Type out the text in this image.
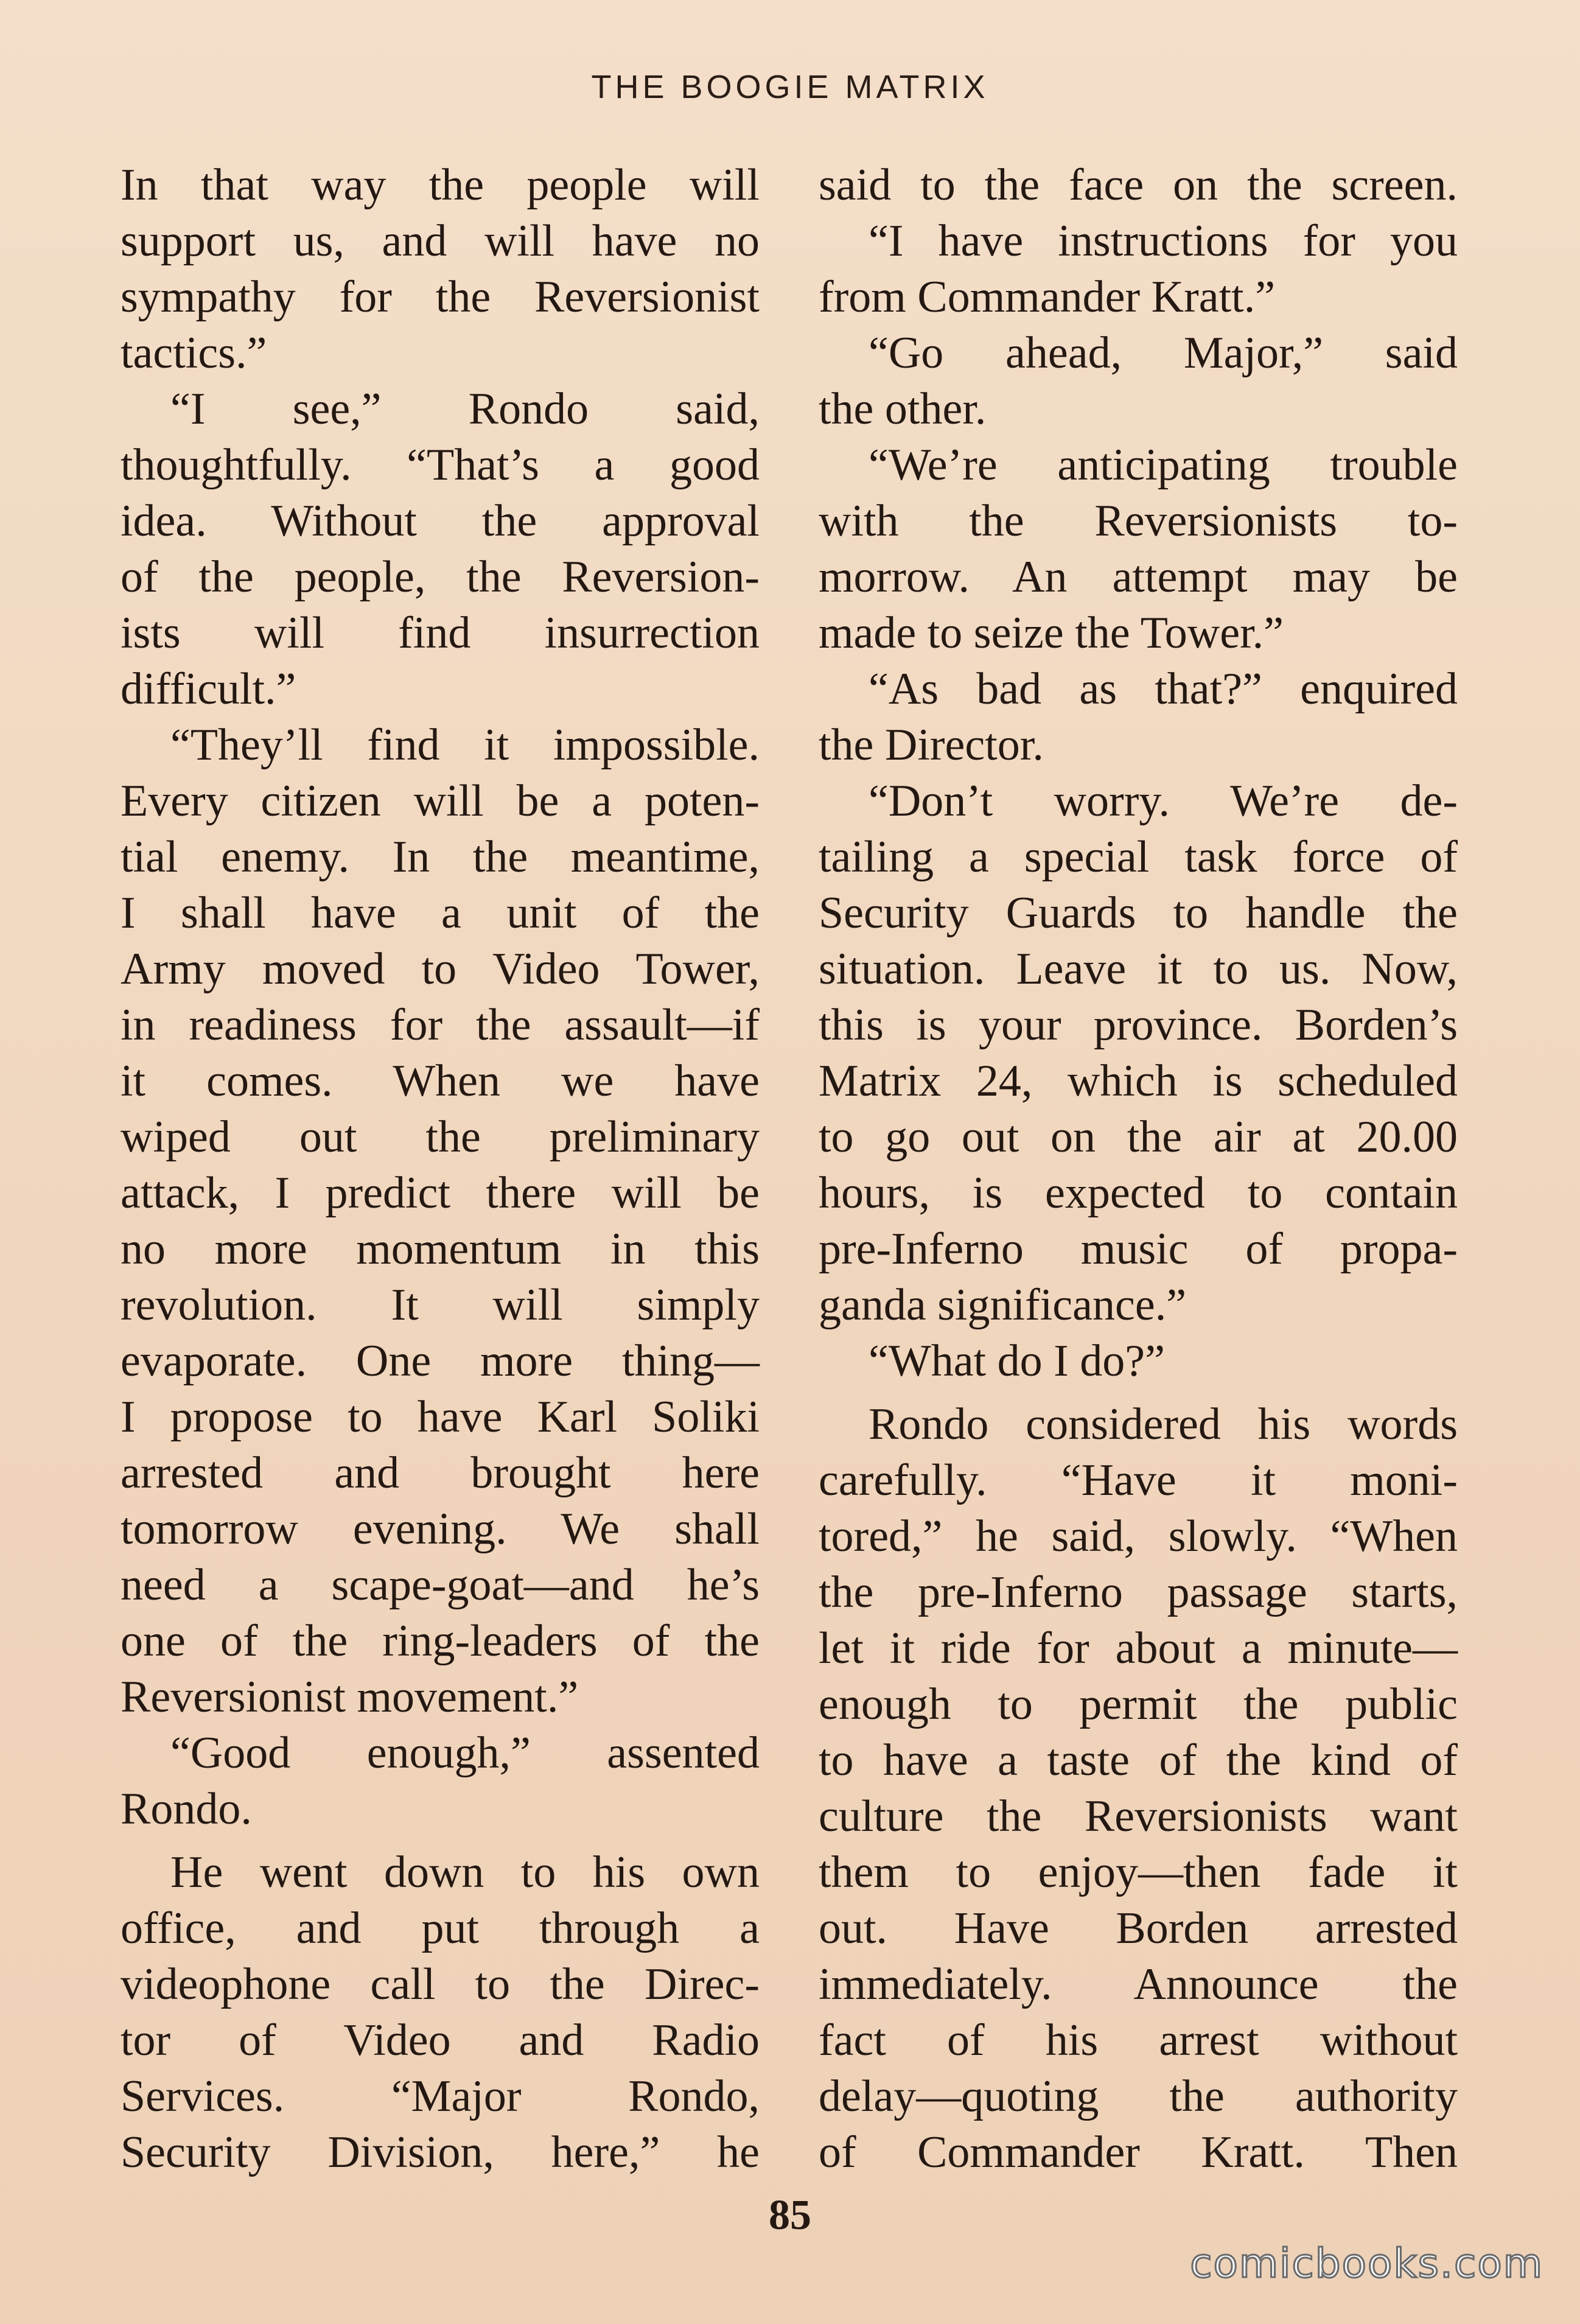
THE BOOGIE MATRIX
In that way the people will
support us, and will have no
sympathy for the Reversionist
tactics.”
“I see,” Rondo said,
thoughtfully. “That’s a good
idea. Without the approval
of the people, the Reversion-
ists will find insurrection
difficult.”
“They’ll find it impossible.
Every citizen will be a poten-
tial enemy. In the meantime,
I shall have a unit of the
Army moved to Video Tower,
in readiness for the assault—if
it comes. When we have
wiped out the preliminary
attack, I predict there will be
no more momentum in this
revolution. It will simply
evaporate. One more thing—
I propose to have Karl Soliki
arrested and brought here
tomorrow evening. We shall
need a scape-goat—and he’s
one of the ring-leaders of the
Reversionist movement.”
“Good enough,” assented
Rondo.
He went down to his own
office, and put through a
videophone call to the Direc-
tor of Video and Radio
Services. “Major Rondo,
Security Division, here,” he
said to the face on the screen.
“I have instructions for you
from Commander Kratt.”
“Go ahead, Major,” said
the other.
“We’re anticipating trouble
with the Reversionists to-
morrow. An attempt may be
made to seize the Tower.”
“As bad as that?” enquired
the Director.
“Don’t worry. We’re de-
tailing a special task force of
Security Guards to handle the
situation. Leave it to us. Now,
this is your province. Borden’s
Matrix 24, which is scheduled
to go out on the air at 20.00
hours, is expected to contain
pre-Inferno music of propa-
ganda significance.”
“What do I do?”
Rondo considered his words
carefully. “Have it moni-
tored,” he said, slowly. “When
the pre-Inferno passage starts,
let it ride for about a minute—
enough to permit the public
to have a taste of the kind of
culture the Reversionists want
them to enjoy—then fade it
out. Have Borden arrested
immediately. Announce the
fact of his arrest without
delay—quoting the authority
of Commander Kratt. Then
85
comicbooks.com
